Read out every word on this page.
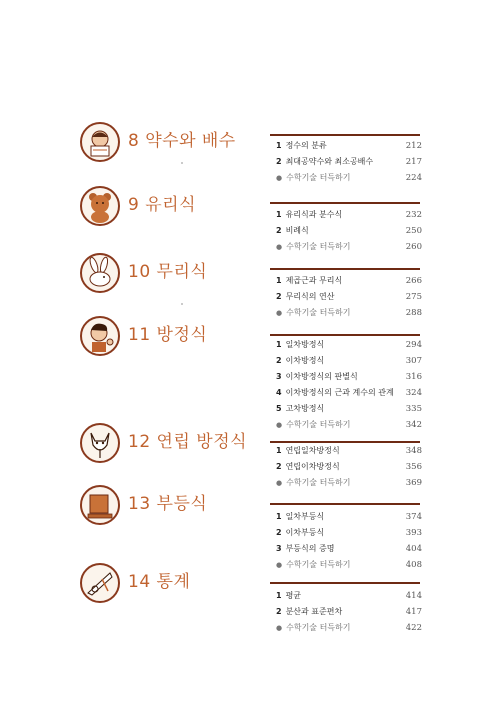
8 약수와 배수	1 정수의 분류	212
2 최대공약수와 최소공배수	217
● 수학기술 터득하기	224
9 유리식	1 유리식과 분수식	232
2 비례식	250
● 수학기술 터득하기	260
10 무리식	1 제곱근과 무리식	266
2 무리식의 연산	275
● 수학기술 터득하기	288
11 방정식	1 일차방정식	294
2 이차방정식	307
3 이차방정식의 판별식	316
4 이차방정식의 근과 계수의 관계 324
5 고차방정식	335
● 수학기술 터득하기	342
12 연립 방정식	1 연립일차방정식	348
2 연립이차방정식	356
● 수학기술 터득하기	369
13 부등식
1 일차부등식	374
2 이차부등식	393
3 부등식의 증명	404
● 수학기술 터득하기	408
14 통계
1 평균	414
2 분산과 표준편차	417
● 수학기술 터득하기	422
